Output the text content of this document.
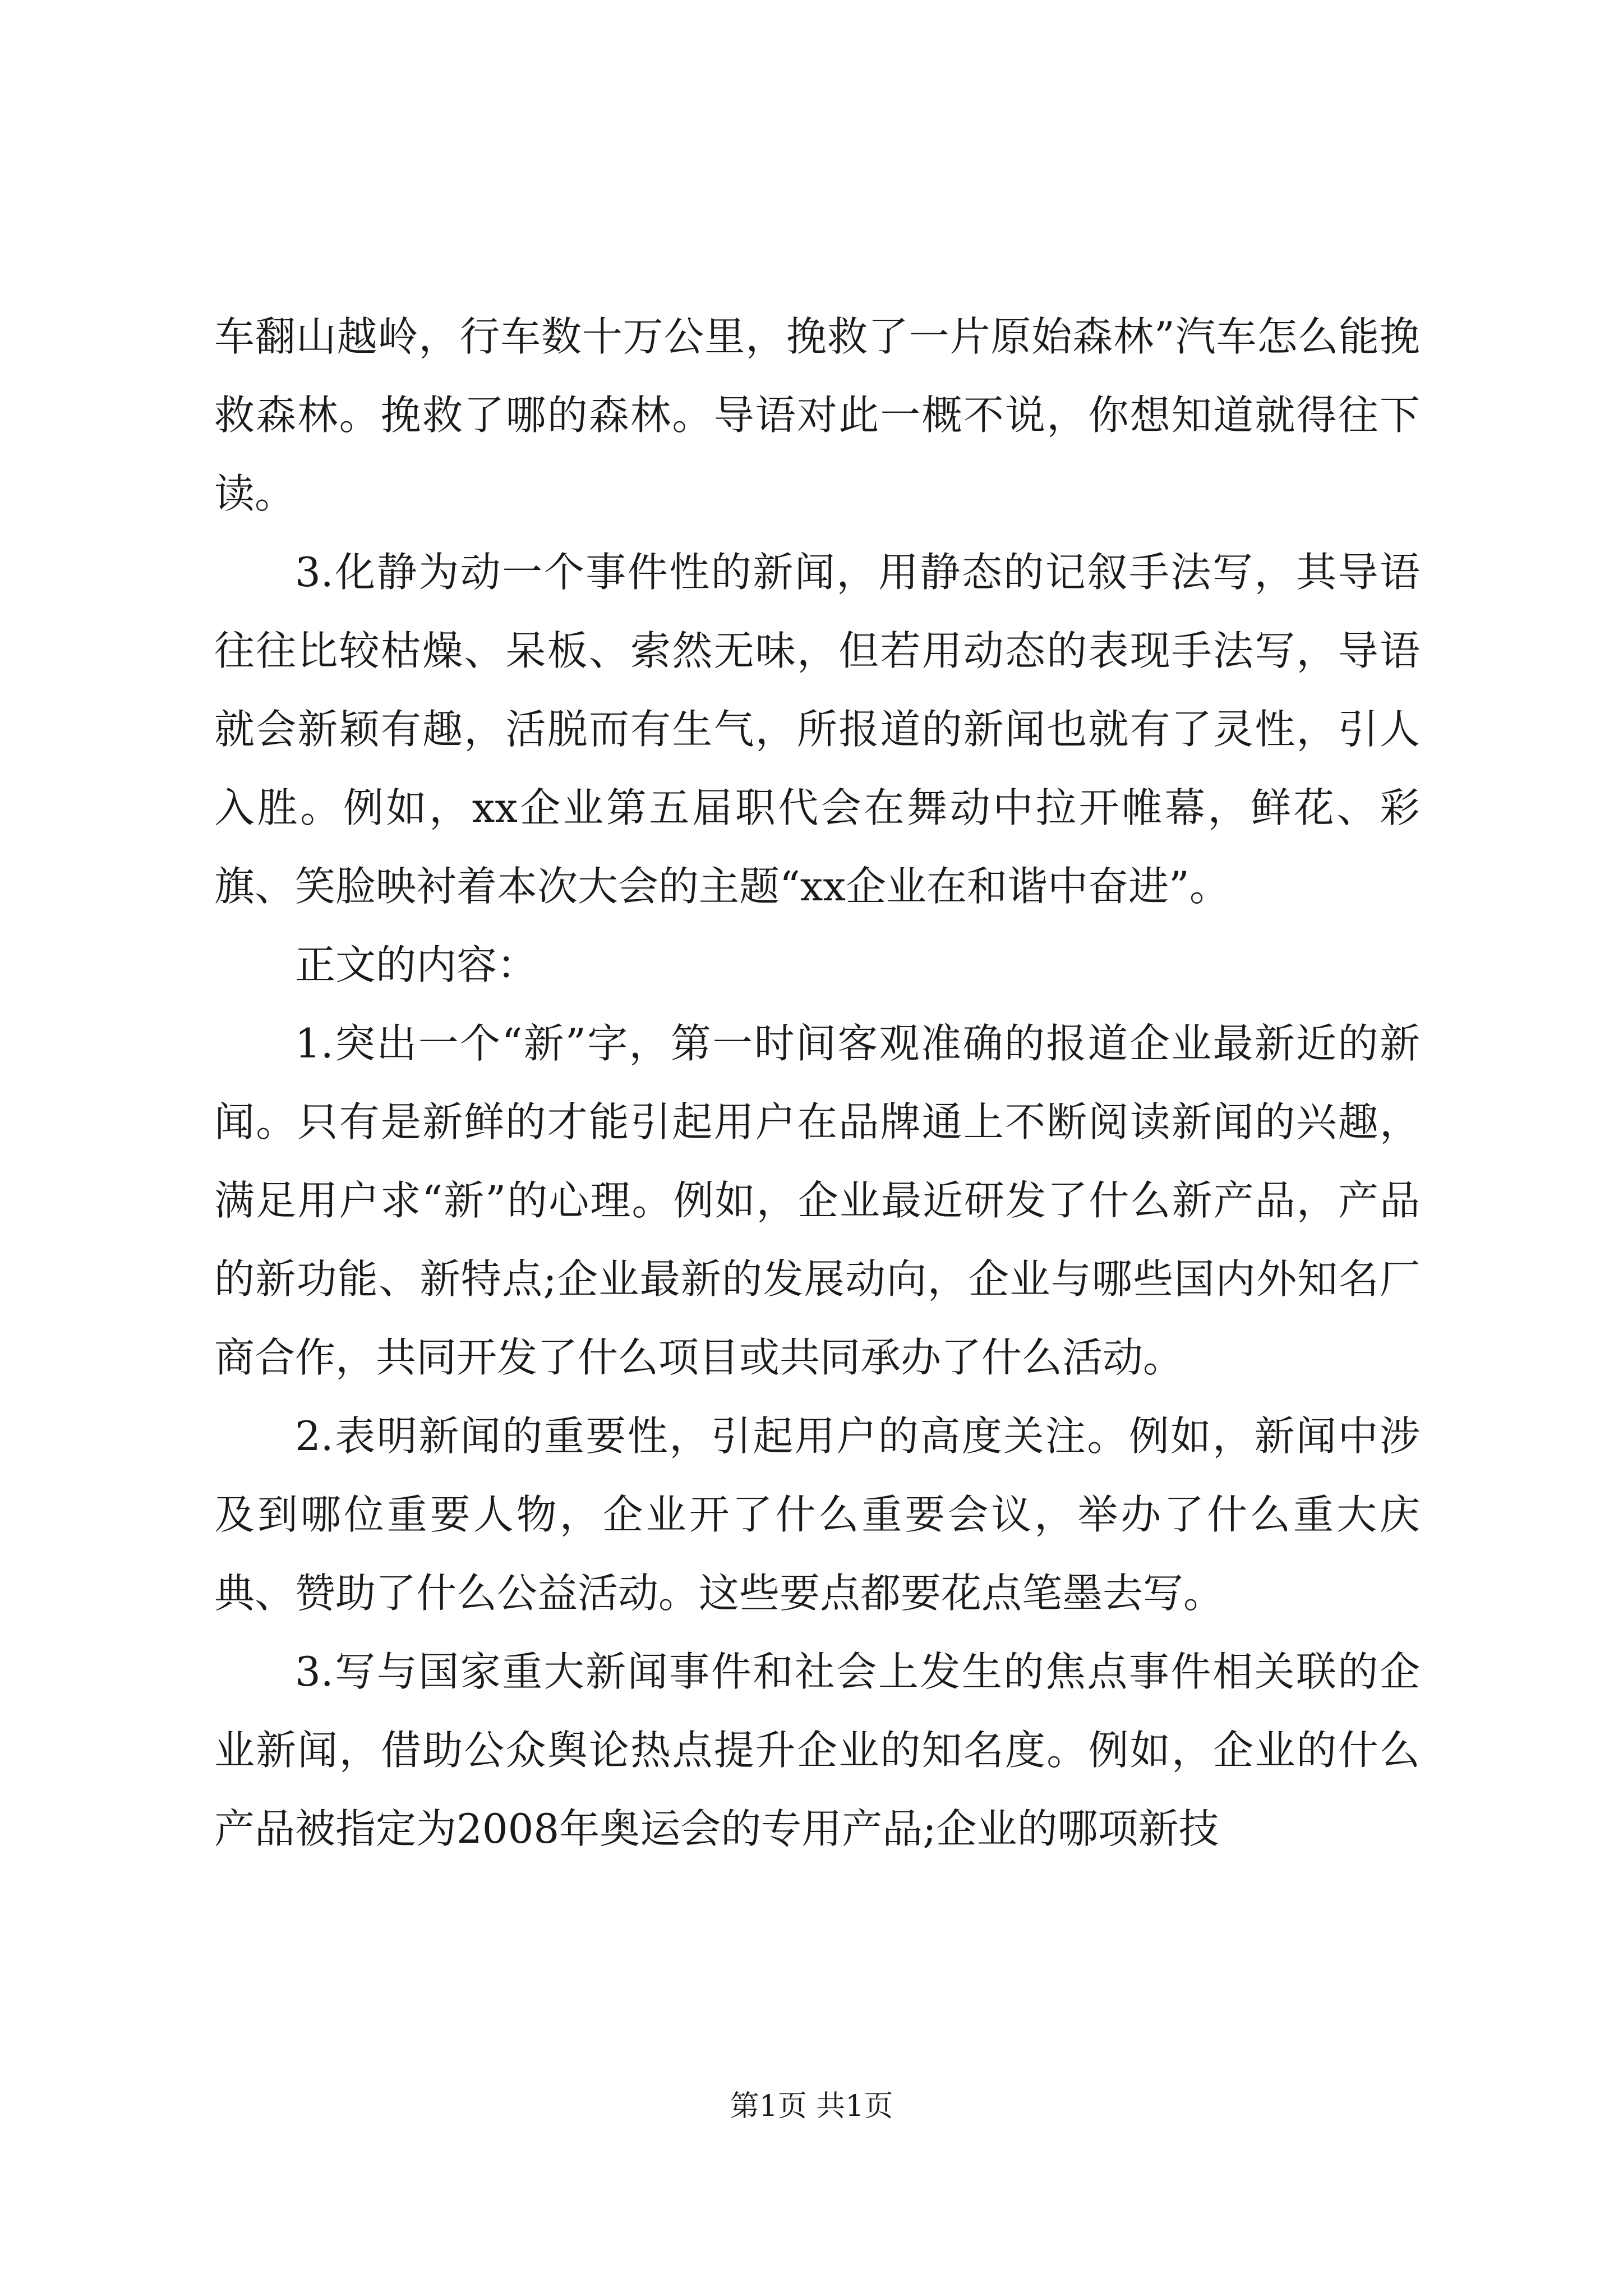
车翻山越岭，行车数十万公里，挽救了一片原始森林”汽车怎么能挽救森林。挽救了哪的森林。导语对此一概不说，你想知道就得往下读。

3.化静为动一个事件性的新闻，用静态的记叙手法写，其导语往往比较枯燥、呆板、索然无味，但若用动态的表现手法写，导语就会新颖有趣，活脱而有生气，所报道的新闻也就有了灵性，引人入胜。例如，xx企业第五届职代会在舞动中拉开帷幕，鲜花、彩旗、笑脸映衬着本次大会的主题“xx企业在和谐中奋进”。

正文的内容：

1.突出一个“新”字，第一时间客观准确的报道企业最新近的新闻。只有是新鲜的才能引起用户在品牌通上不断阅读新闻的兴趣，满足用户求“新”的心理。例如，企业最近研发了什么新产品，产品的新功能、新特点;企业最新的发展动向，企业与哪些国内外知名厂商合作，共同开发了什么项目或共同承办了什么活动。

2.表明新闻的重要性，引起用户的高度关注。例如，新闻中涉及到哪位重要人物，企业开了什么重要会议，举办了什么重大庆典、赞助了什么公益活动。这些要点都要花点笔墨去写。

3.写与国家重大新闻事件和社会上发生的焦点事件相关联的企业新闻，借助公众舆论热点提升企业的知名度。例如，企业的什么产品被指定为2008年奥运会的专用产品;企业的哪项新技

第1页 共1页
